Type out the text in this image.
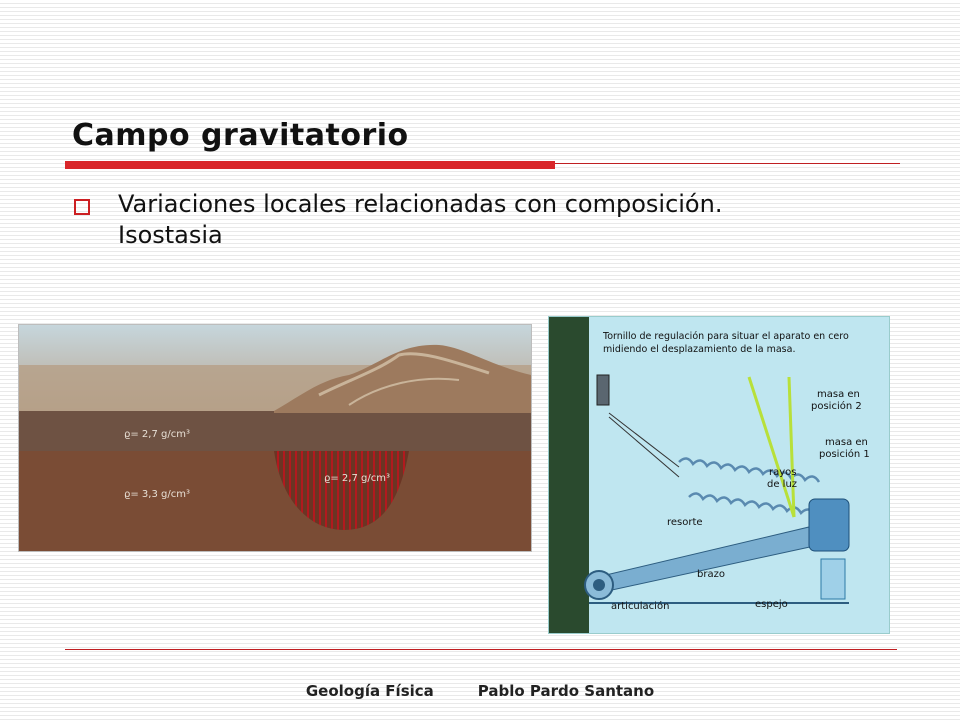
Campo gravitatorio
Variaciones locales relacionadas con composición.
Isostasia
ϱ= 2,7 g/cm³
ϱ= 3,3 g/cm³
ϱ= 2,7 g/cm³
Tornillo de regulación para situar el aparato en cero
midiendo el desplazamiento de la masa.
masa en
posición 2
masa en
posición 1
rayos
de luz
resorte
brazo
articulación	espejo
Geología Física	Pablo Pardo Santano
